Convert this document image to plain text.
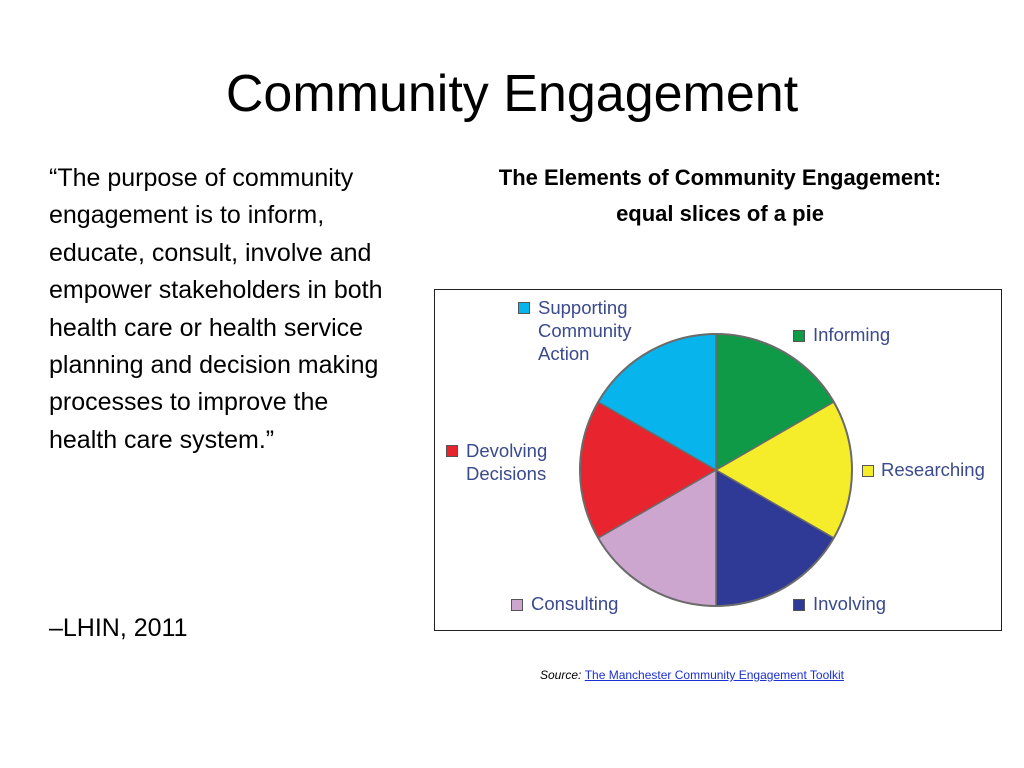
Community Engagement
“The purpose of community engagement is to inform, educate, consult, involve and empower stakeholders in both health care or health service planning and decision making processes to improve the health care system.”
–LHIN, 2011
The Elements of Community Engagement: equal slices of a pie
Informing
Researching
Involving
Consulting
Devolving
Decisions
Supporting
Community
Action
Source: The Manchester Community Engagement Toolkit
